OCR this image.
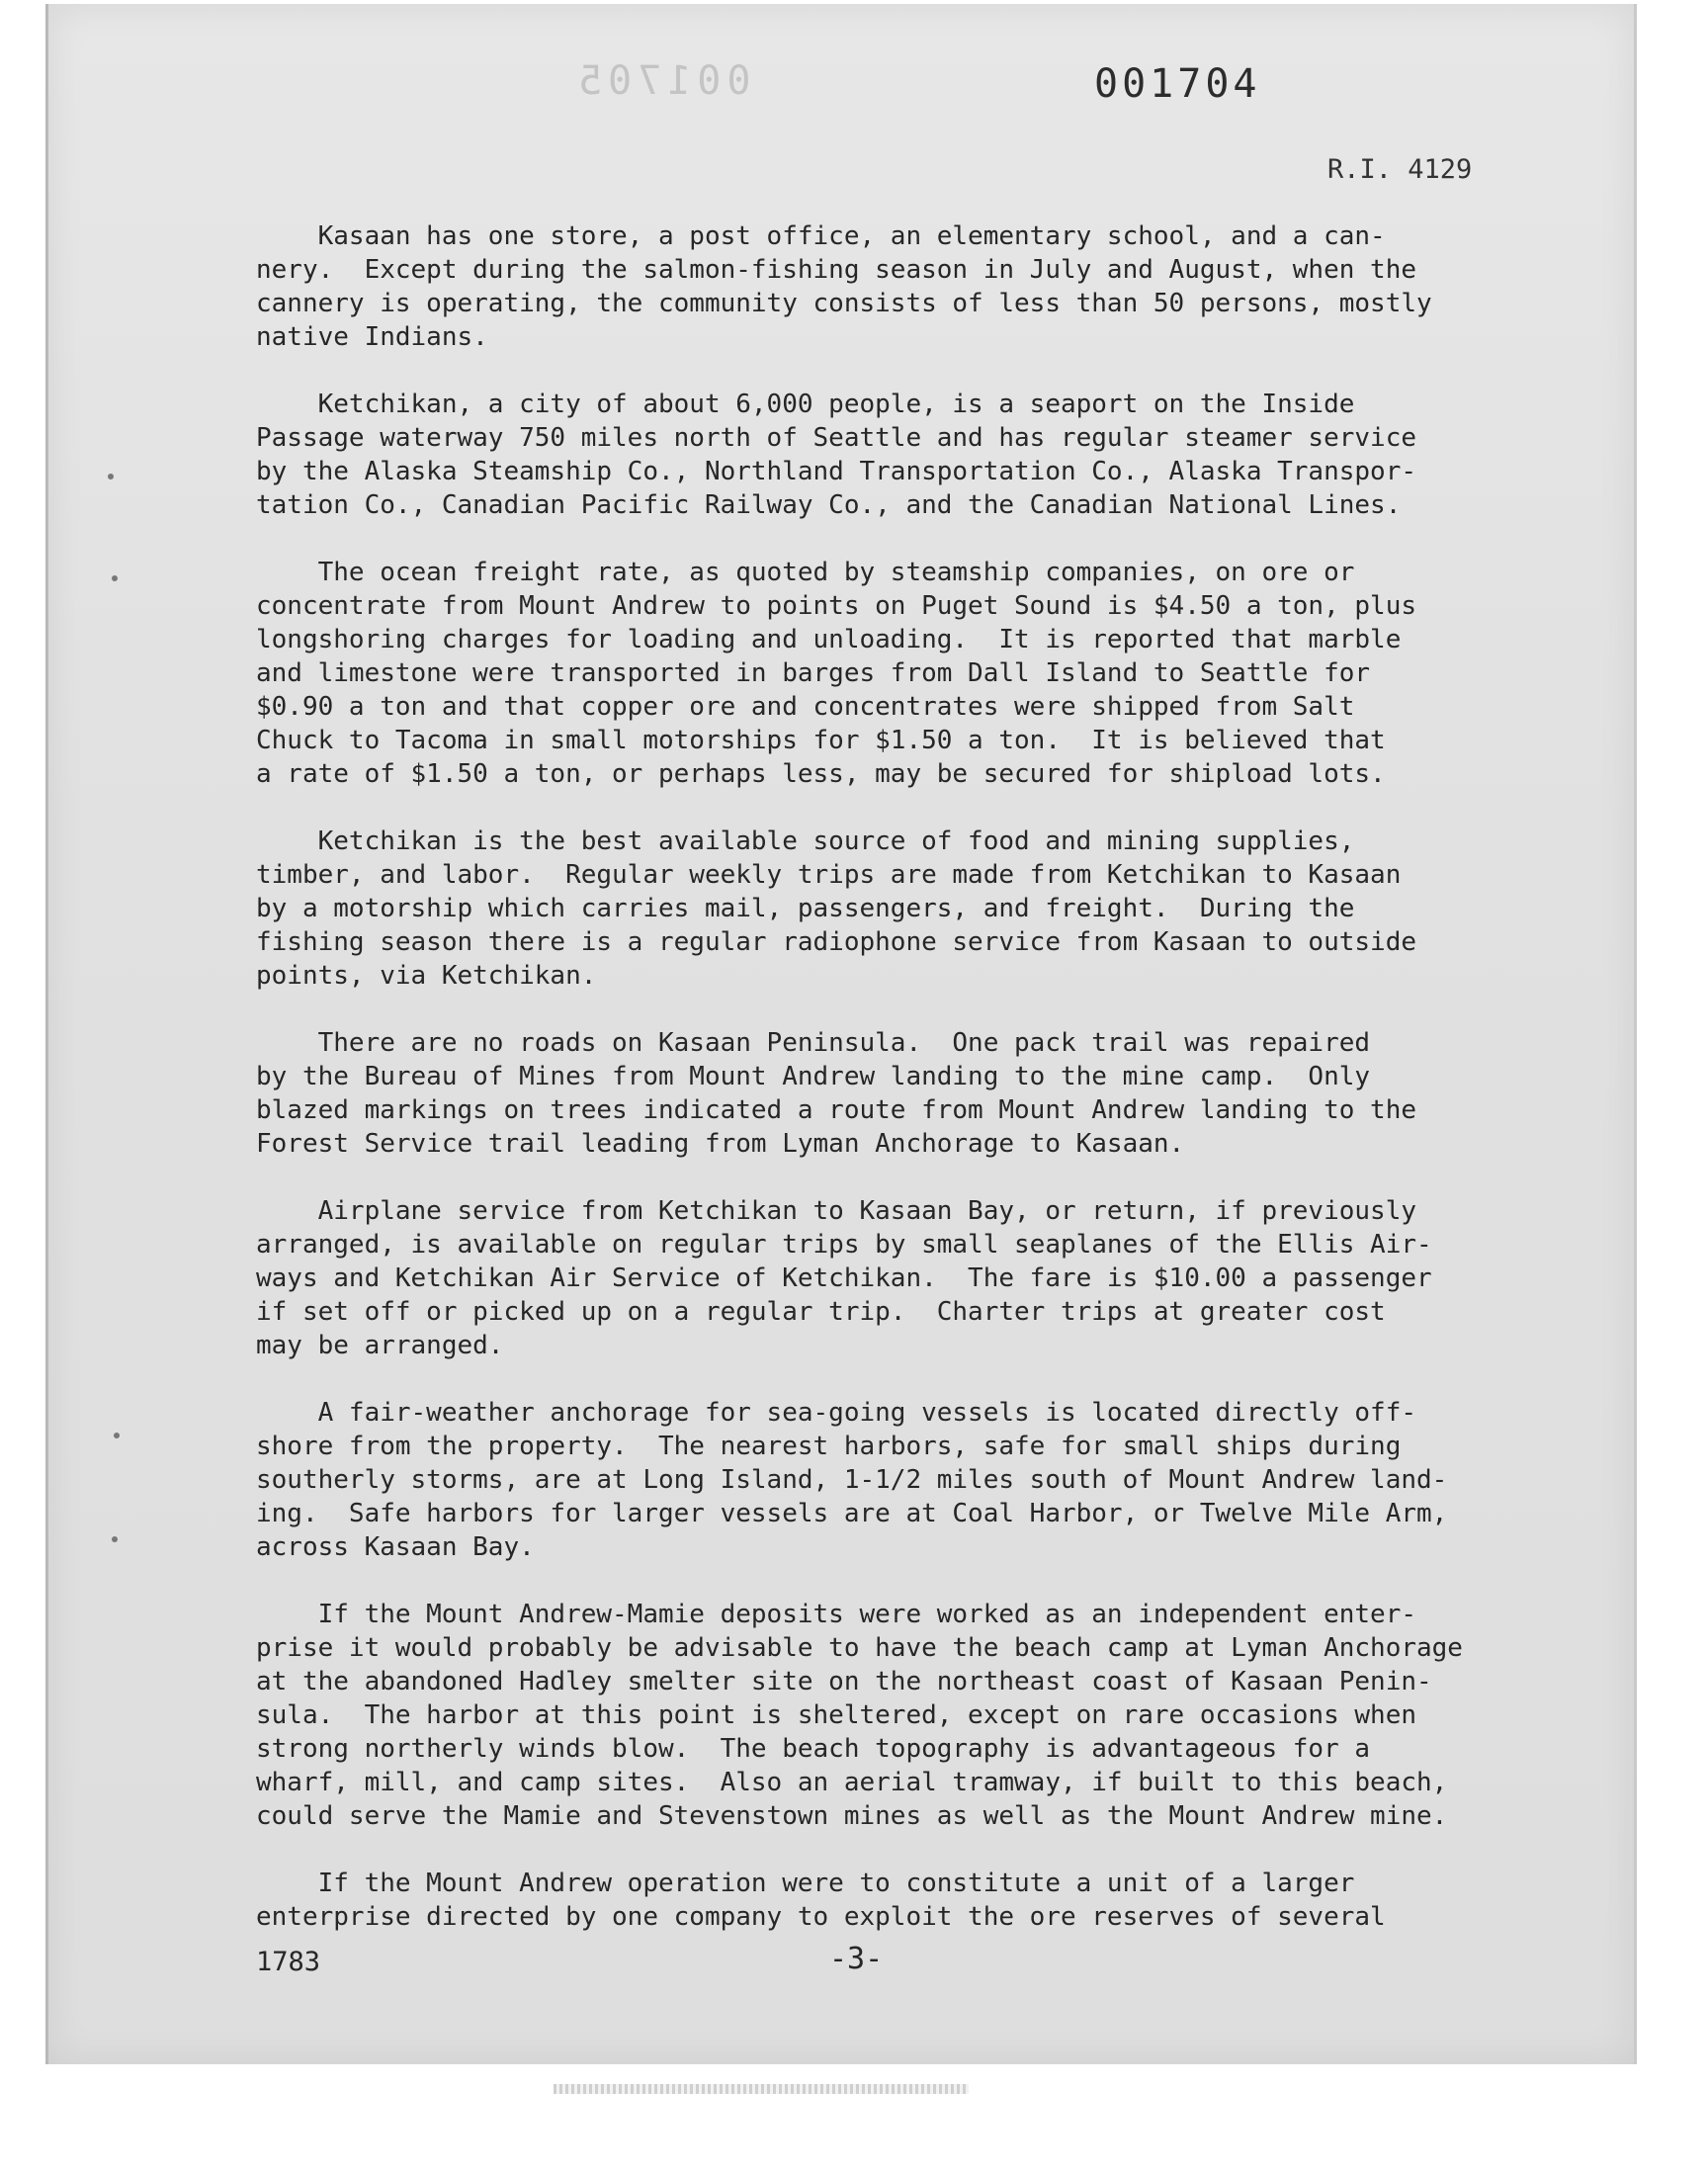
001705	001704
R.I. 4129
Kasaan has one store, a post office, an elementary school, and a can-
nery.  Except during the salmon-fishing season in July and August, when the
cannery is operating, the community consists of less than 50 persons, mostly
native Indians.
Ketchikan, a city of about 6,000 people, is a seaport on the Inside
Passage waterway 750 miles north of Seattle and has regular steamer service
by the Alaska Steamship Co., Northland Transportation Co., Alaska Transpor-
tation Co., Canadian Pacific Railway Co., and the Canadian National Lines.
The ocean freight rate, as quoted by steamship companies, on ore or
concentrate from Mount Andrew to points on Puget Sound is $4.50 a ton, plus
longshoring charges for loading and unloading.  It is reported that marble
and limestone were transported in barges from Dall Island to Seattle for
$0.90 a ton and that copper ore and concentrates were shipped from Salt
Chuck to Tacoma in small motorships for $1.50 a ton.  It is believed that
a rate of $1.50 a ton, or perhaps less, may be secured for shipload lots.
Ketchikan is the best available source of food and mining supplies,
timber, and labor.  Regular weekly trips are made from Ketchikan to Kasaan
by a motorship which carries mail, passengers, and freight.  During the
fishing season there is a regular radiophone service from Kasaan to outside
points, via Ketchikan.
There are no roads on Kasaan Peninsula.  One pack trail was repaired
by the Bureau of Mines from Mount Andrew landing to the mine camp.  Only
blazed markings on trees indicated a route from Mount Andrew landing to the
Forest Service trail leading from Lyman Anchorage to Kasaan.
Airplane service from Ketchikan to Kasaan Bay, or return, if previously
arranged, is available on regular trips by small seaplanes of the Ellis Air-
ways and Ketchikan Air Service of Ketchikan.  The fare is $10.00 a passenger
if set off or picked up on a regular trip.  Charter trips at greater cost
may be arranged.
A fair-weather anchorage for sea-going vessels is located directly off-
shore from the property.  The nearest harbors, safe for small ships during
southerly storms, are at Long Island, 1-1/2 miles south of Mount Andrew land-
ing.  Safe harbors for larger vessels are at Coal Harbor, or Twelve Mile Arm,
across Kasaan Bay.
If the Mount Andrew-Mamie deposits were worked as an independent enter-
prise it would probably be advisable to have the beach camp at Lyman Anchorage
at the abandoned Hadley smelter site on the northeast coast of Kasaan Penin-
sula.  The harbor at this point is sheltered, except on rare occasions when
strong northerly winds blow.  The beach topography is advantageous for a
wharf, mill, and camp sites.  Also an aerial tramway, if built to this beach,
could serve the Mamie and Stevenstown mines as well as the Mount Andrew mine.
If the Mount Andrew operation were to constitute a unit of a larger
enterprise directed by one company to exploit the ore reserves of several
1783	-3-
